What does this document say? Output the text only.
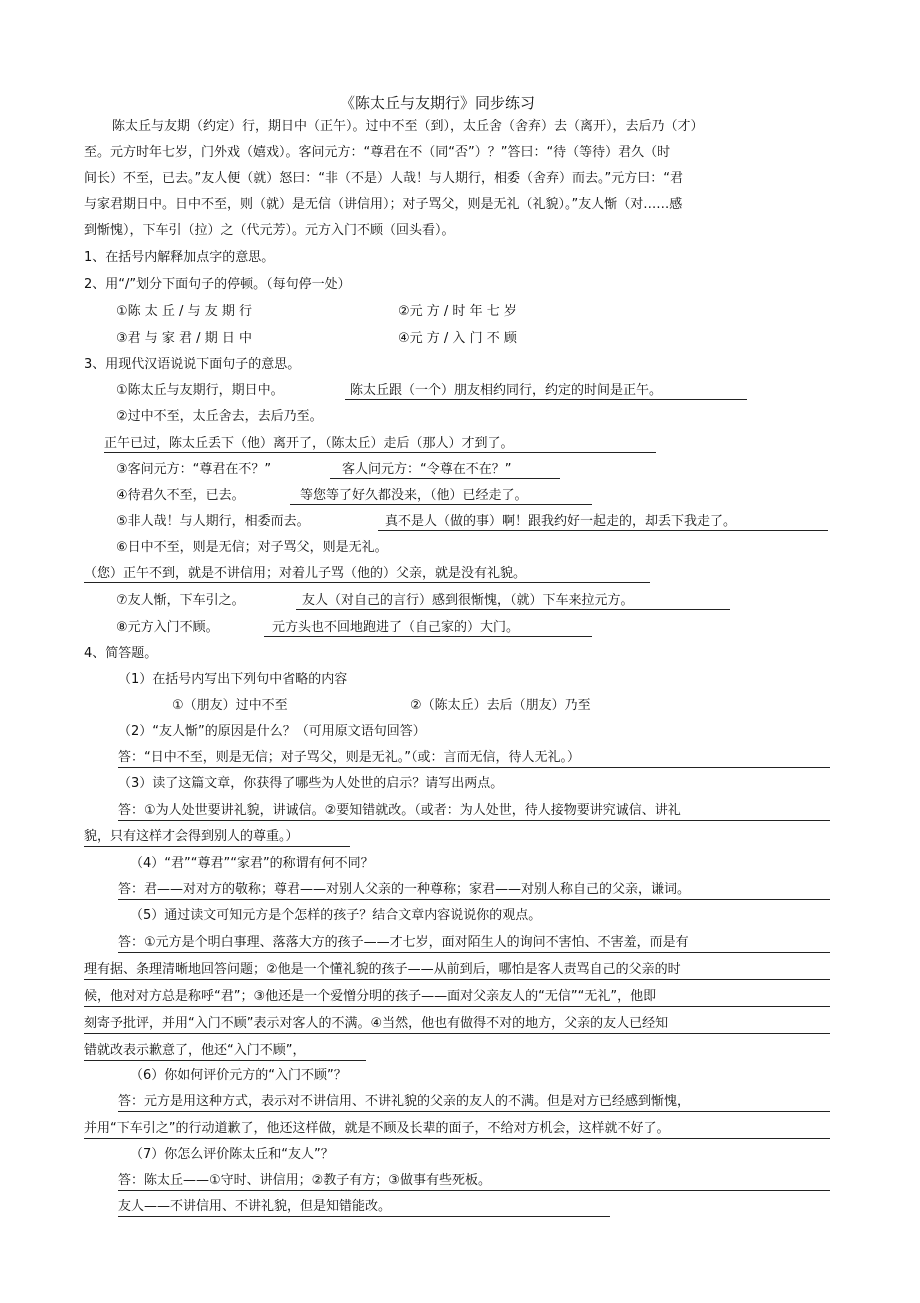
《陈太丘与友期行》同步练习
陈太丘与友期（约定）行，期日中（正午）。过中不至（到），太丘舍（舍弃）去（离开），去后乃（才）
至。元方时年七岁，门外戏（嬉戏）。客问元方：“尊君在不（同“否”）？”答曰：“待（等待）君久（时
间长）不至，已去。”友人便（就）怒曰：“非（不是）人哉！与人期行，相委（舍弃）而去。”元方曰：“君
与家君期日中。日中不至，则（就）是无信（讲信用）；对子骂父，则是无礼（礼貌）。”友人惭（对……感
到惭愧），下车引（拉）之（代元芳）。元方入门不顾（回头看）。
1、在括号内解释加点字的意思。
2、用“/”划分下面句子的停顿。（每句停一处）
①陈 太 丘 / 与 友 期 行	②元 方 / 时 年 七 岁
③君 与 家 君 / 期 日 中	④元 方 / 入 门 不 顾
3、用现代汉语说说下面句子的意思。
①陈太丘与友期行，期日中。	陈太丘跟（一个）朋友相约同行，约定的时间是正午。
②过中不至，太丘舍去，去后乃至。
正午已过，陈太丘丢下（他）离开了，（陈太丘）走后（那人）才到了。
③客问元方：“尊君在不？”	客人问元方：“令尊在不在？”
④待君久不至，已去。	等您等了好久都没来，（他）已经走了。
⑤非人哉！与人期行，相委而去。	真不是人（做的事）啊！跟我约好一起走的，却丢下我走了。
⑥日中不至，则是无信；对子骂父，则是无礼。
（您）正午不到，就是不讲信用；对着儿子骂（他的）父亲，就是没有礼貌。
⑦友人惭，下车引之。	友人（对自己的言行）感到很惭愧，（就）下车来拉元方。
⑧元方入门不顾。	元方头也不回地跑进了（自己家的）大门。
4、简答题。
（1）在括号内写出下列句中省略的内容
①（朋友）过中不至	②（陈太丘）去后（朋友）乃至
（2）“友人惭”的原因是什么？（可用原文语句回答）
答：“日中不至，则是无信；对子骂父，则是无礼。”（或：言而无信，待人无礼。）
（3）读了这篇文章，你获得了哪些为人处世的启示？请写出两点。
答：①为人处世要讲礼貌，讲诚信。②要知错就改。（或者：为人处世，待人接物要讲究诚信、讲礼
貌，只有这样才会得到别人的尊重。）
（4）“君”“尊君”“家君”的称谓有何不同？
答：君——对对方的敬称；尊君——对别人父亲的一种尊称；家君——对别人称自己的父亲，谦词。
（5）通过读文可知元方是个怎样的孩子？结合文章内容说说你的观点。
答：①元方是个明白事理、落落大方的孩子——才七岁，面对陌生人的询问不害怕、不害羞，而是有
理有据、条理清晰地回答问题；②他是一个懂礼貌的孩子——从前到后，哪怕是客人责骂自己的父亲的时
候，他对对方总是称呼“君”；③他还是一个爱憎分明的孩子——面对父亲友人的“无信”“无礼”，他即
刻寄予批评，并用“入门不顾”表示对客人的不满。④当然，他也有做得不对的地方，父亲的友人已经知
错就改表示歉意了，他还“入门不顾”，
（6）你如何评价元方的“入门不顾”？
答：元方是用这种方式，表示对不讲信用、不讲礼貌的父亲的友人的不满。但是对方已经感到惭愧，
并用“下车引之”的行动道歉了，他还这样做，就是不顾及长辈的面子，不给对方机会，这样就不好了。
（7）你怎么评价陈太丘和“友人”？
答：陈太丘——①守时、讲信用；②教子有方；③做事有些死板。
友人——不讲信用、不讲礼貌，但是知错能改。
